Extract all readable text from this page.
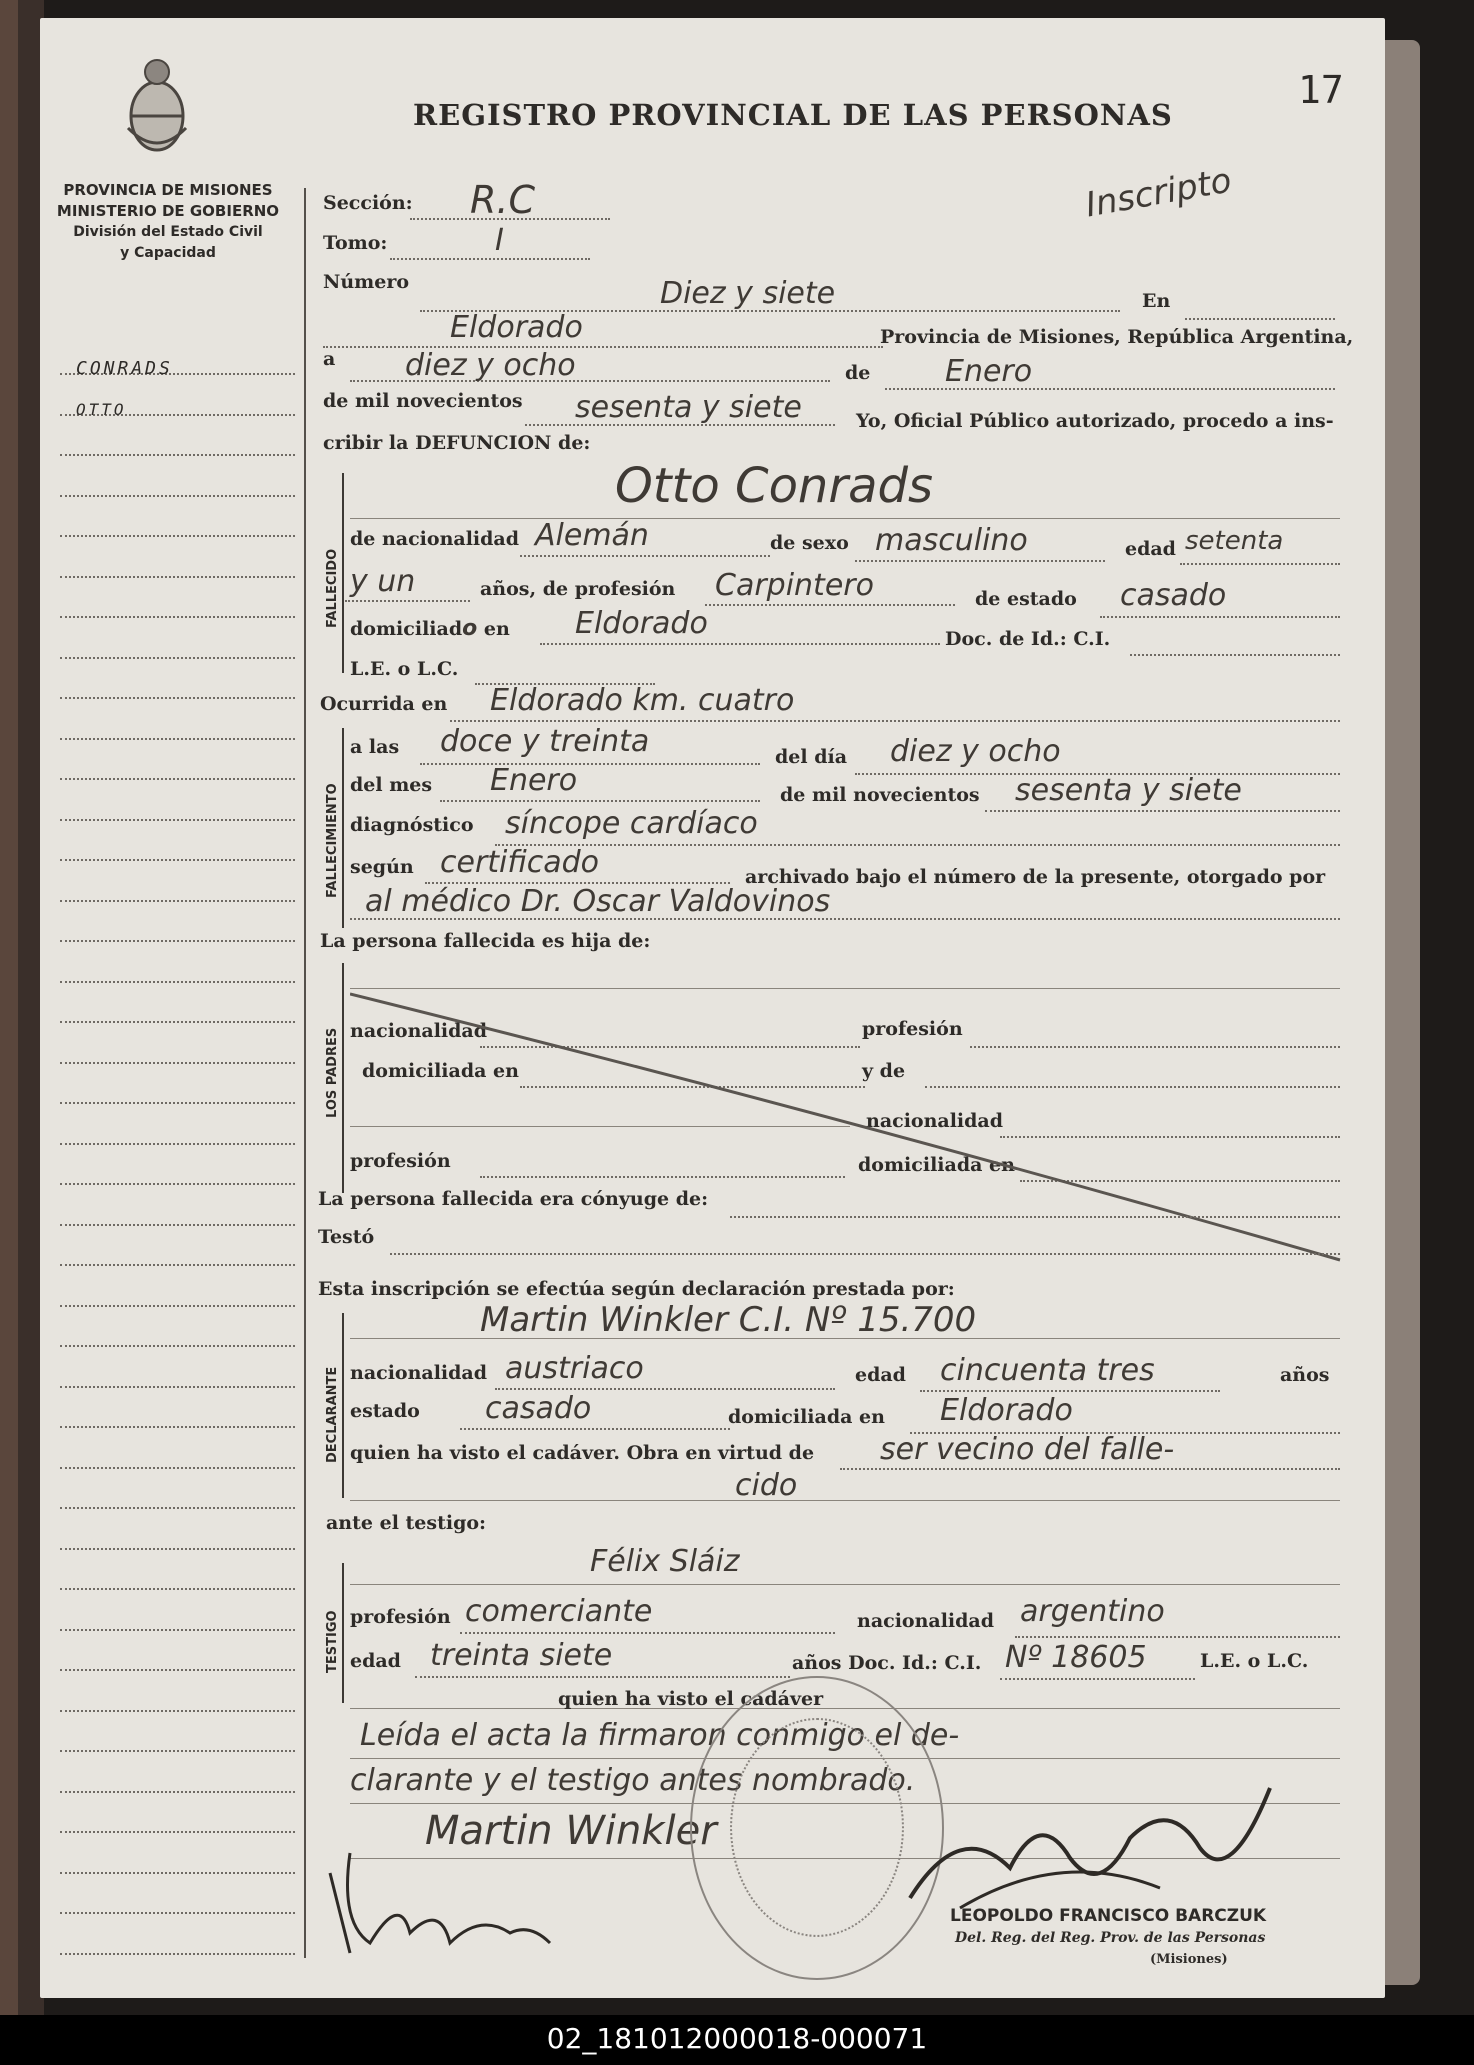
CONRADS
OTTO
PROVINCIA DE MISIONES
MINISTERIO DE GOBIERNO
División del Estado Civil
y Capacidad
REGISTRO PROVINCIAL DE LAS PERSONAS
17
Inscripto
Sección: R.C
Tomo:	I
Número	Diez y siete	En
Eldorado	Provincia de Misiones, República Argentina,
a diez y ocho	de Enero
de mil novecientos sesenta y siete	Yo, Oficial Público autorizado, procedo a ins-
cribir la DEFUNCION de:
FALLECIDO
Otto Conrads
de nacionalidad Alemán	de sexo masculino	edad setenta
y un	años, de profesión Carpintero	de estado casado
domiciliado en Eldorado	Doc. de Id.: C.I.
L.E. o L.C.
Ocurrida en Eldorado km. cuatro
FALLECIMIENTO
a las doce y treinta	del día diez y ocho
del mes Enero	de mil novecientos sesenta y siete
diagnóstico síncope cardíaco
según certificado	archivado bajo el número de la presente, otorgado por
al médico Dr. Oscar Valdovinos
La persona fallecida es hija de:
LOS PADRES nacionalidad	profesión
domiciliada en	y de
nacionalidad
profesión	domiciliada en
La persona fallecida era cónyuge de:
Testó
Esta inscripción se efectúa según declaración prestada por:
DECLARANTE
Martin Winkler C.I. Nº 15.700
nacionalidad austriaco	edad cincuenta tres	años
estado casado	domiciliada en Eldorado
quien ha visto el cadáver. Obra en virtud de ser vecino del falle-
cido
ante el testigo:
TESTIGO
Félix Sláiz
profesión comerciante	nacionalidad argentino
edad treinta siete	años Doc. Id.: C.I. Nº 18605	L.E. o L.C.
quien ha visto el cadáver
Leída el acta la firmaron conmigo el de-
clarante y el testigo antes nombrado.
Martin Winkler
LEOPOLDO FRANCISCO BARCZUK
Del. Reg. del Reg. Prov. de las Personas
(Misiones)
02_181012000018-000071
